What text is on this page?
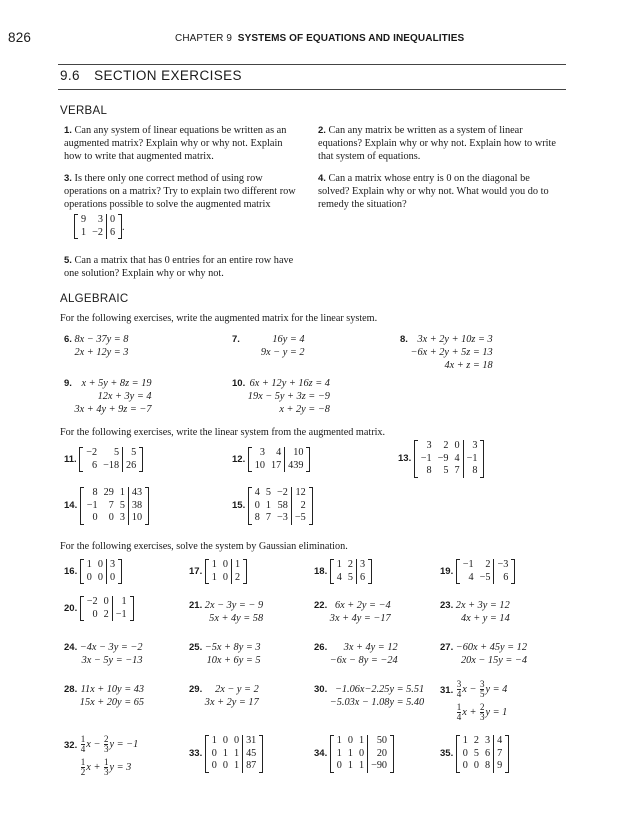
826	CHAPTER 9 SYSTEMS OF EQUATIONS AND INEQUALITIES
9.6 SECTION EXERCISES
VERBAL
1. Can any system of linear equations be written as an augmented matrix? Explain why or why not. Explain how to write that augmented matrix.
2. Can any matrix be written as a system of linear equations? Explain why or why not. Explain how to write that system of equations.
3. Is there only one correct method of using row operations on a matrix? Try to explain two different row operations possible to solve the augmented matrix
9	3	0
1	−2	6 .
4. Can a matrix whose entry is 0 on the diagonal be solved? Explain why or why not. What would you do to remedy the situation?
5. Can a matrix that has 0 entries for an entire row have one solution? Explain why or why not.
ALGEBRAIC
For the following exercises, write the augmented matrix for the linear system.
6. 8x − 37y = 8
2x + 12y = 3
7.	16y = 4
9x − y = 2
8. 3x + 2y + 10z = 3
−6x + 2y + 5z = 13
4x + z = 18
9. x + 5y + 8z = 19
12x + 3y = 4
3x + 4y + 9z = −7
10. 6x + 12y + 16z = 4
19x − 5y + 3z = −9
x + 2y = −8
For the following exercises, write the linear system from the augmented matrix.
11.
−2	5	5
6	−18	26
12.
3	4	10
10	17	439
13.
3	2	0	3
−1	−9	4	−1
8	5	7	8
14.
8	29	1	43
−1	7	5	38
0	0	3	10
15.
4	5	−2	12
0	1	58	2
8	7	−3	−5
For the following exercises, solve the system by Gaussian elimination.
16.
1	0	3
0	0	0
17.
1	0	1
1	0	2
18.
1	2	3
4	5	6
19.
−1	2	−3
4	−5	6
20.
−2	0	1
0	2	−1
21. 2x − 3y = − 9
5x + 4y = 58
22. 6x + 2y = −4
3x + 4y = −17
23. 2x + 3y = 12
4x + y = 14
24. −4x − 3y = −2
3x − 5y = −13
25. −5x + 8y = 3
10x + 6y = 5
26.	3x + 4y = 12
−6x − 8y = −24
27. −60x + 45y = 12
20x − 15y = −4
28. 11x + 10y = 43
15x + 20y = 65
29.	2x − y = 2
3x + 2y = 17
30. −1.06x−2.25y = 5.51
−5.03x − 1.08y = 5.40
31. $\frac{3}{4}$ $x - \frac{3}{5}$ y = 4
$\frac{1}{4}$ $x + \frac{2}{3}$ y = 1
32. $\frac{1}{4}$ $x - \frac{2}{3}$ y = −1
$\frac{1}{2}$ $x + \frac{1}{3}$ y = 3
33.
1	0	0	31
0	1	1	45
0	0	1	87
34.
1	0	1	50
1	1	0	20
0	1	1	−90
35.
1	2	3	4
0	5	6	7
0	0	8	9
